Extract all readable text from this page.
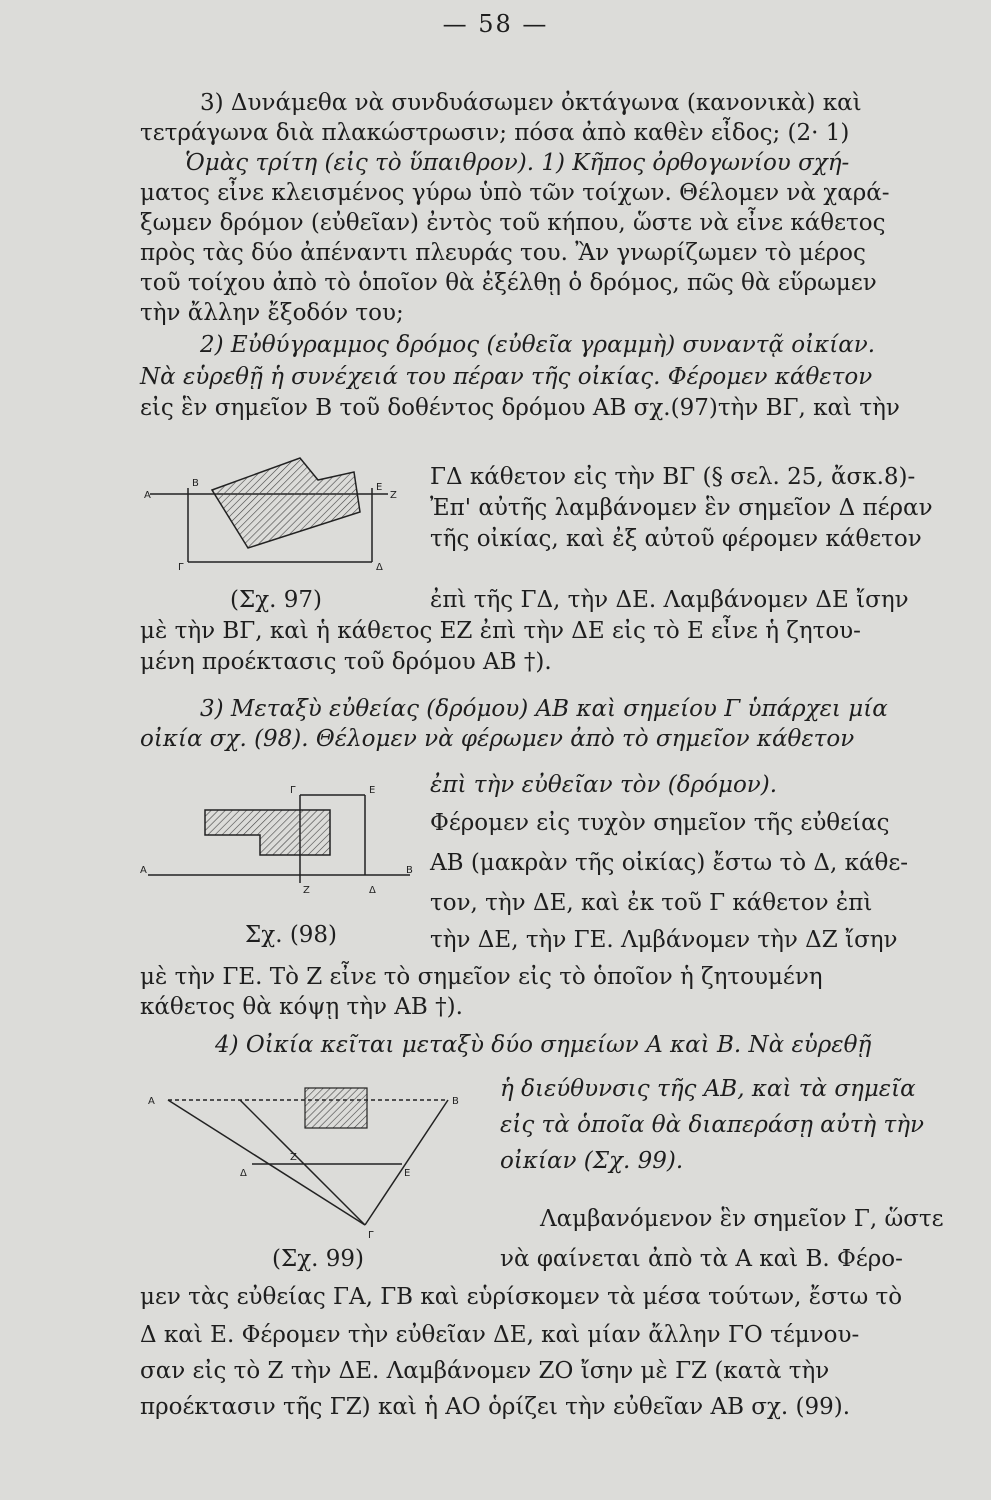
— 58 —
3) Δυνάμεθα νὰ συνδυάσωμεν ὀκτάγωνα (κανονικὰ) καὶ
τετράγωνα διὰ πλακώστρωσιν; πόσα ἀπὸ καθὲν εἶδος; (2· 1)
Ὁμὰς τρίτη (εἰς τὸ ὕπαιθρον). 1) Κῆπος ὀρθογωνίου σχή-
ματος εἶνε κλεισμένος γύρω ὑπὸ τῶν τοίχων. Θέλομεν νὰ χαρά-
ξωμεν δρόμον (εὐθεῖαν) ἐντὸς τοῦ κήπου, ὥστε νὰ εἶνε κάθετος
πρὸς τὰς δύο ἀπέναντι πλευράς του. Ἂν γνωρίζωμεν τὸ μέρος
τοῦ τοίχου ἀπὸ τὸ ὁποῖον θὰ ἐξέλθῃ ὁ δρόμος, πῶς θὰ εὕρωμεν
τὴν ἄλλην ἔξοδόν του;
2) Εὐθύγραμμος δρόμος (εὐθεῖα γραμμὴ) συναντᾷ οἰκίαν.
Νὰ εὑρεθῇ ἡ συνέχειά του πέραν τῆς οἰκίας. Φέρομεν κάθετον
εἰς ἓν σημεῖον Β τοῦ δοθέντος δρόμου ΑΒ σχ.(97)τὴν ΒΓ, καὶ τὴν
Α
Β
Γ	Δ
Ε
Ζ
ΓΔ κάθετον εἰς τὴν ΒΓ (§ σελ. 25, ἄσκ.8)-
Ἐπ' αὐτῆς λαμβάνομεν ἓν σημεῖον Δ πέραν
τῆς οἰκίας, καὶ ἐξ αὐτοῦ φέρομεν κάθετον
ἐπὶ τῆς ΓΔ, τὴν ΔΕ. Λαμβάνομεν ΔΕ ἴσην
(Σχ. 97)
μὲ τὴν ΒΓ, καὶ ἡ κάθετος ΕΖ ἐπὶ τὴν ΔΕ εἰς τὸ Ε εἶνε ἡ ζητου-
μένη προέκτασις τοῦ δρόμου ΑΒ †).
3) Μεταξὺ εὐθείας (δρόμου) ΑΒ καὶ σημείου Γ ὑπάρχει μία
οἰκία σχ. (98). Θέλομεν νὰ φέρωμεν ἀπὸ τὸ σημεῖον κάθετον
Α	Β
Γ
Δ
Ε
Ζ
ἐπὶ τὴν εὐθεῖαν τὸν (δρόμον).
Φέρομεν εἰς τυχὸν σημεῖον τῆς εὐθείας
ΑΒ (μακρὰν τῆς οἰκίας) ἔστω τὸ Δ, κάθε-
τον, τὴν ΔΕ, καὶ ἐκ τοῦ Γ κάθετον ἐπὶ
τὴν ΔΕ, τὴν ΓΕ. Λμβάνομεν τὴν ΔΖ ἴσην
Σχ. (98)
μὲ τὴν ΓΕ. Τὸ Ζ εἶνε τὸ σημεῖον εἰς τὸ ὁποῖον ἡ ζητουμένη
κάθετος θὰ κόψῃ τὴν ΑΒ †).
4) Οἰκία κεῖται μεταξὺ δύο σημείων Α καὶ Β. Νὰ εὑρεθῇ
Α	Β
Γ
Δ	Ε
Ζ
ἡ διεύθυνσις τῆς ΑΒ, καὶ τὰ σημεῖα
εἰς τὰ ὁποῖα θὰ διαπεράσῃ αὐτὴ τὴν
οἰκίαν (Σχ. 99).
Λαμβανόμενον ἓν σημεῖον Γ, ὥστε
νὰ φαίνεται ἀπὸ τὰ Α καὶ Β. Φέρο-
(Σχ. 99)
μεν τὰς εὐθείας ΓΑ, ΓΒ καὶ εὑρίσκομεν τὰ μέσα τούτων, ἔστω τὸ
Δ καὶ Ε. Φέρομεν τὴν εὐθεῖαν ΔΕ, καὶ μίαν ἄλλην ΓΟ τέμνου-
σαν εἰς τὸ Ζ τὴν ΔΕ. Λαμβάνομεν ΖΟ ἴσην μὲ ΓΖ (κατὰ τὴν
προέκτασιν τῆς ΓΖ) καὶ ἡ ΑΟ ὁρίζει τὴν εὐθεῖαν ΑΒ σχ. (99).
